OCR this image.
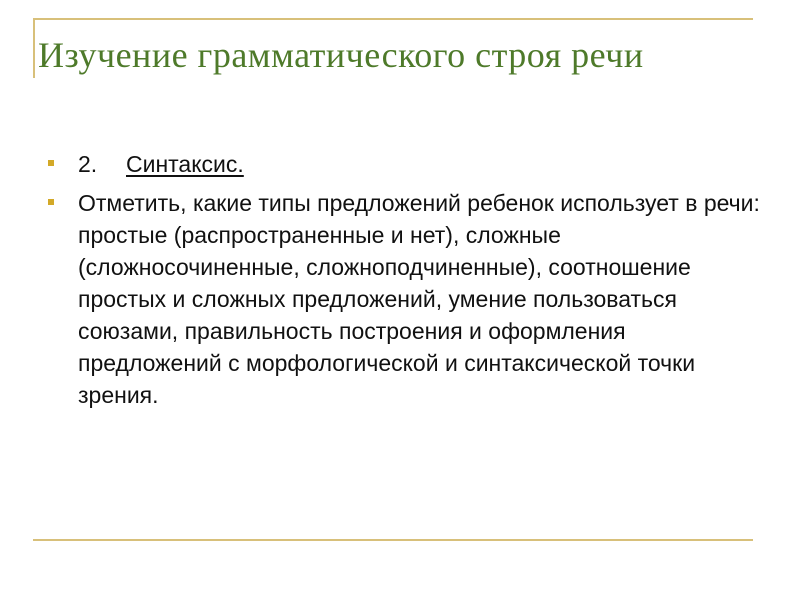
Изучение грамматического строя речи
2. Синтаксис.
Отметить, какие типы предложений ребенок использует в речи: простые (распространенные и нет), сложные (сложносочиненные, сложноподчиненные), соотношение простых и сложных предложений, умение пользоваться союзами, правильность построения и оформления предложений с морфологической и синтаксической точки зрения.
